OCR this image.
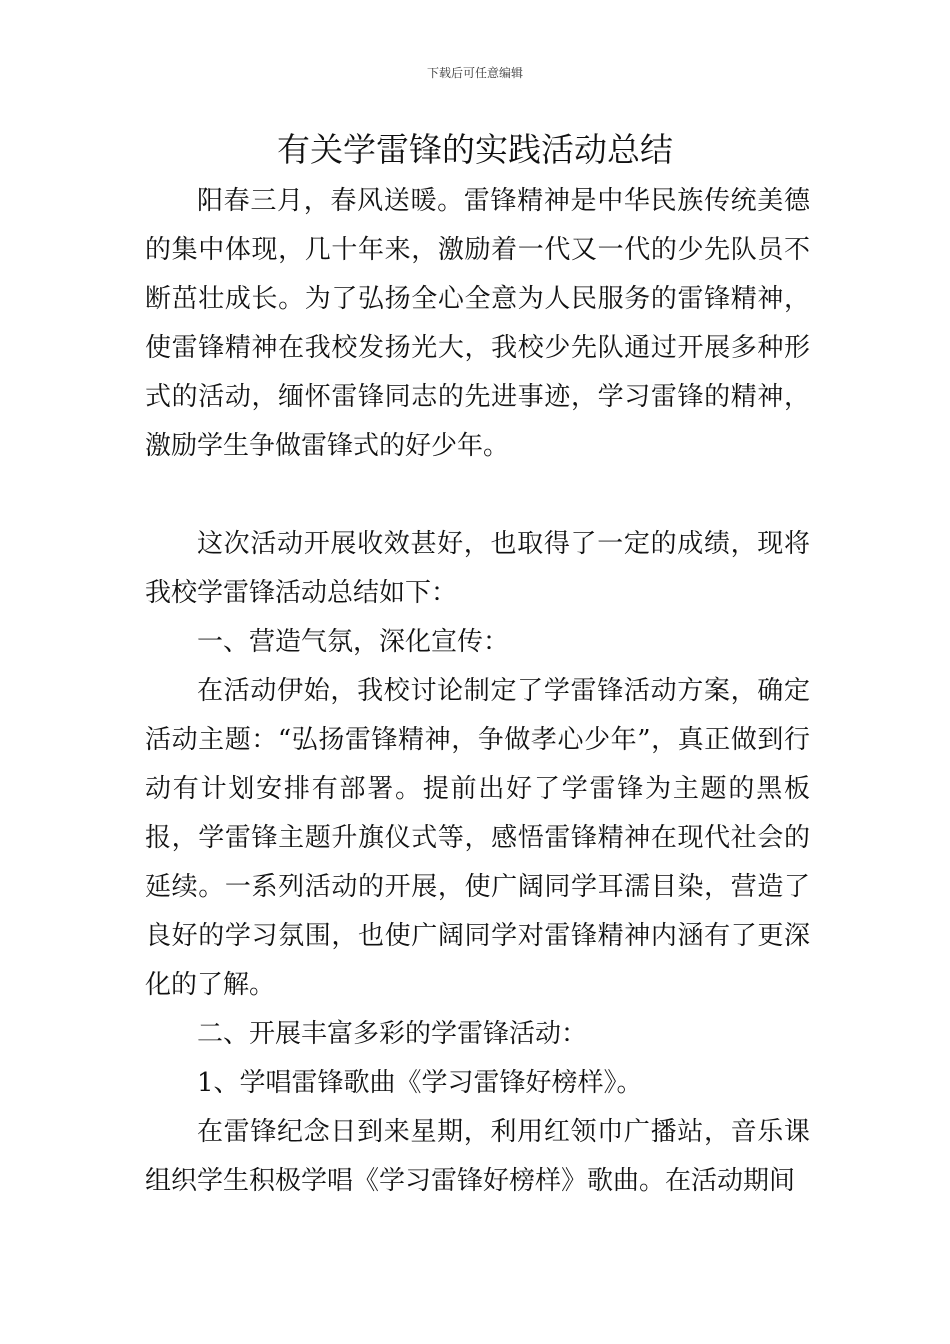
下载后可任意编辑
有关学雷锋的实践活动总结

阳春三月，春风送暖。雷锋精神是中华民族传统美德的集中体现，几十年来，激励着一代又一代的少先队员不断茁壮成长。为了弘扬全心全意为人民服务的雷锋精神，使雷锋精神在我校发扬光大，我校少先队通过开展多种形式的活动，缅怀雷锋同志的先进事迹，学习雷锋的精神，激励学生争做雷锋式的好少年。

这次活动开展收效甚好，也取得了一定的成绩，现将我校学雷锋活动总结如下：

一、营造气氛，深化宣传：

在活动伊始，我校讨论制定了学雷锋活动方案，确定活动主题：“弘扬雷锋精神，争做孝心少年”，真正做到行动有计划安排有部署。提前出好了学雷锋为主题的黑板报，学雷锋主题升旗仪式等，感悟雷锋精神在现代社会的延续。一系列活动的开展，使广阔同学耳濡目染，营造了良好的学习氛围，也使广阔同学对雷锋精神内涵有了更深化的了解。

二、开展丰富多彩的学雷锋活动：

1、学唱雷锋歌曲《学习雷锋好榜样》。

在雷锋纪念日到来星期，利用红领巾广播站，音乐课组织学生积极学唱《学习雷锋好榜样》歌曲。在活动期间
